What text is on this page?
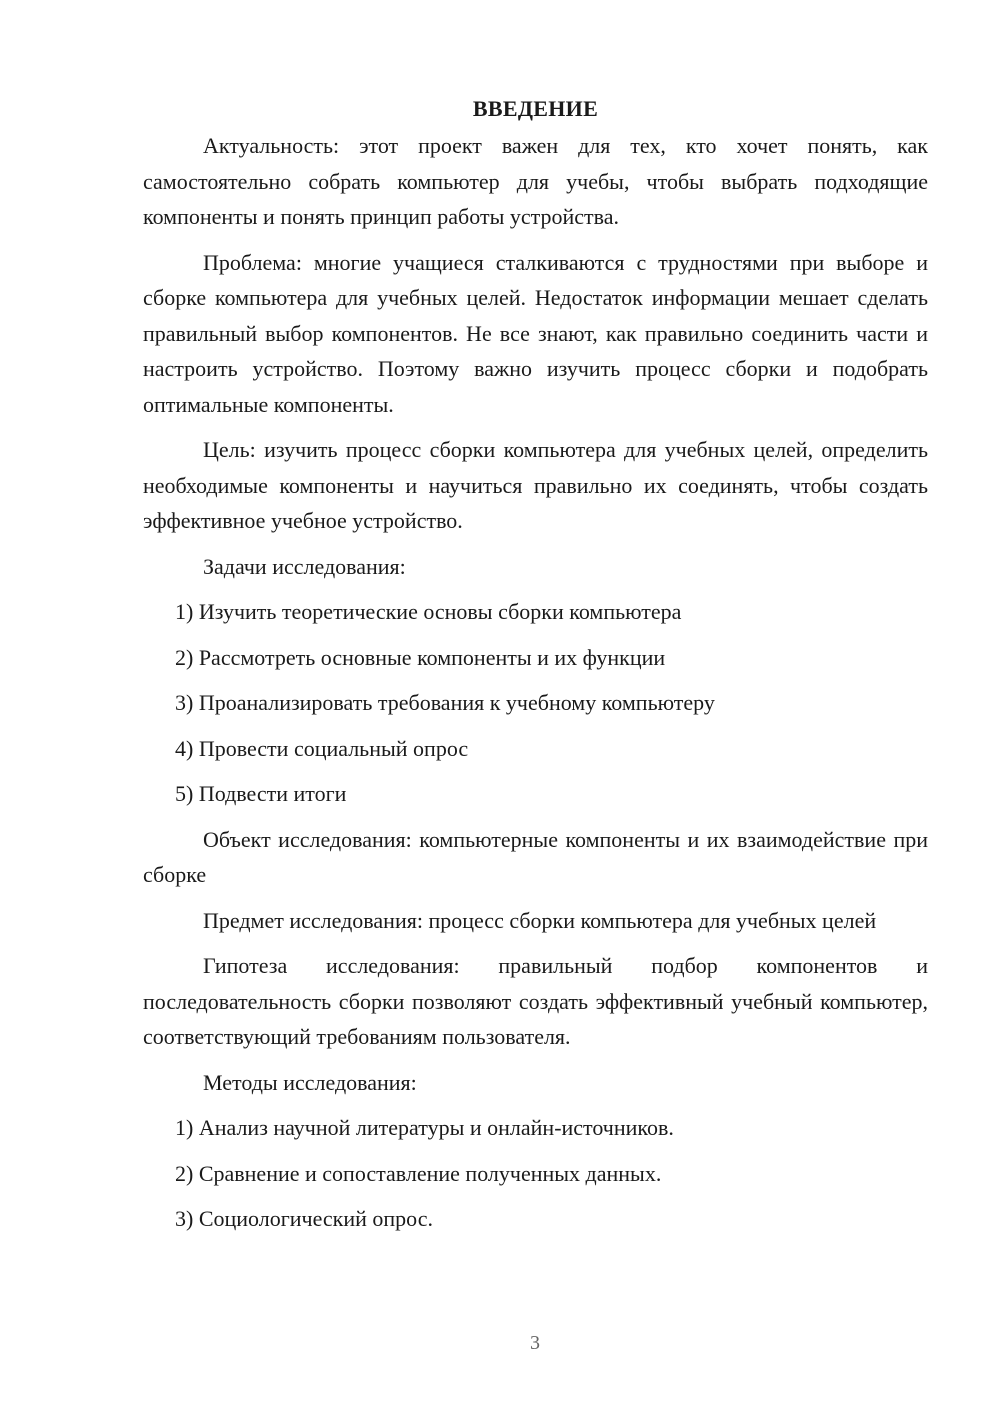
ВВЕДЕНИЕ

Актуальность: этот проект важен для тех, кто хочет понять, как самостоятельно собрать компьютер для учебы, чтобы выбрать подходящие компоненты и понять принцип работы устройства.

Проблема: многие учащиеся сталкиваются с трудностями при выборе и сборке компьютера для учебных целей. Недостаток информации мешает сделать правильный выбор компонентов. Не все знают, как правильно соединить части и настроить устройство. Поэтому важно изучить процесс сборки и подобрать оптимальные компоненты.

Цель: изучить процесс сборки компьютера для учебных целей, определить необходимые компоненты и научиться правильно их соединять, чтобы создать эффективное учебное устройство.

Задачи исследования:
1) Изучить теоретические основы сборки компьютера
2) Рассмотреть основные компоненты и их функции
3) Проанализировать требования к учебному компьютеру
4) Провести социальный опрос
5) Подвести итоги

Объект исследования: компьютерные компоненты и их взаимодействие при сборке

Предмет исследования: процесс сборки компьютера для учебных целей

Гипотеза исследования: правильный подбор компонентов и последовательность сборки позволяют создать эффективный учебный компьютер, соответствующий требованиям пользователя.

Методы исследования:
1) Анализ научной литературы и онлайн-источников.
2) Сравнение и сопоставление полученных данных.
3) Социологический опрос.
3
